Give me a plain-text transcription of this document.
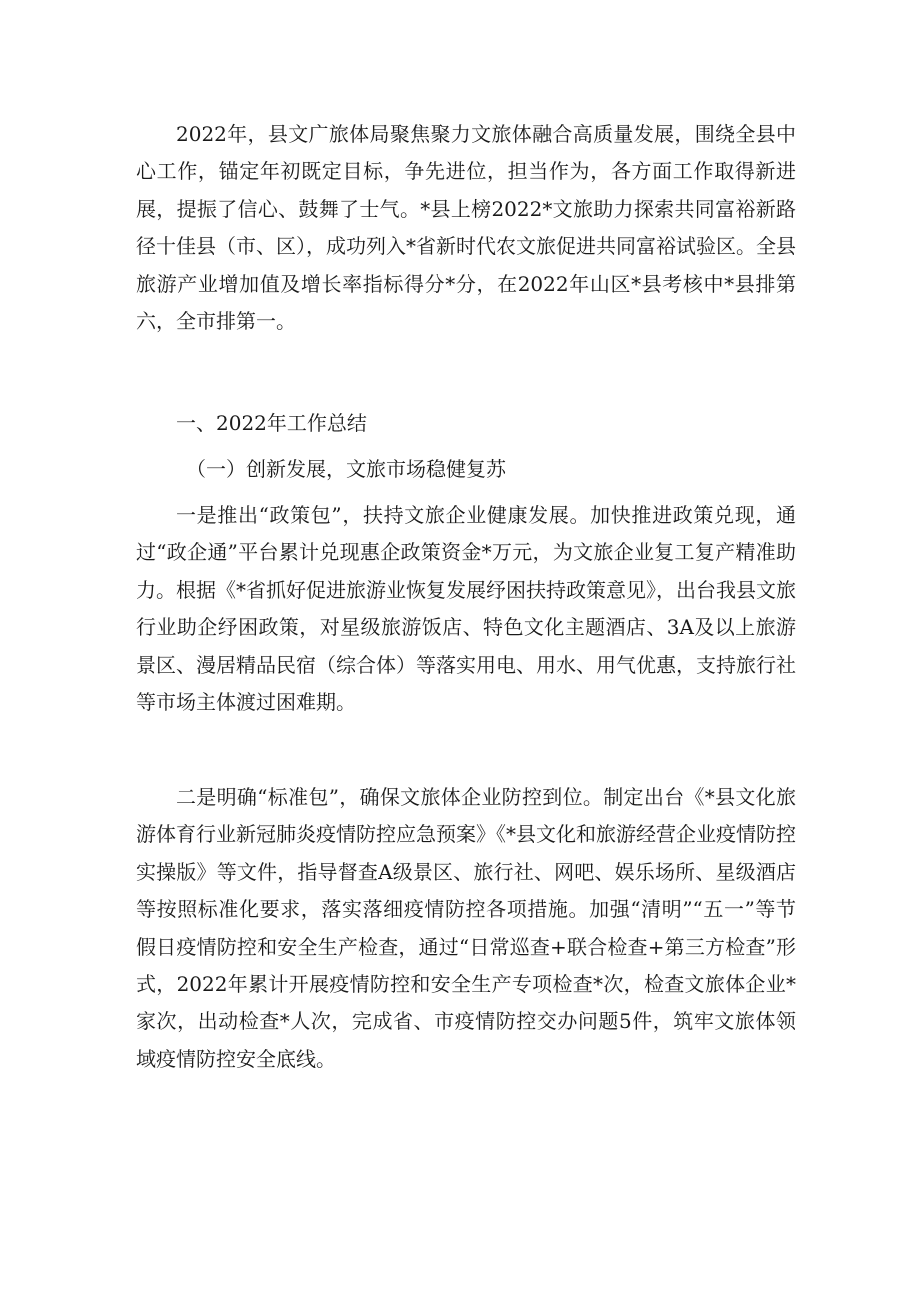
2022年，县文广旅体局聚焦聚力文旅体融合高质量发展，围绕全县中心工作，锚定年初既定目标，争先进位，担当作为，各方面工作取得新进展，提振了信心、鼓舞了士气。*县上榜2022*文旅助力探索共同富裕新路径十佳县（市、区），成功列入*省新时代农文旅促进共同富裕试验区。全县旅游产业增加值及增长率指标得分*分，在2022年山区*县考核中*县排第六，全市排第一。

一、2022年工作总结

（一）创新发展，文旅市场稳健复苏

一是推出“政策包”，扶持文旅企业健康发展。加快推进政策兑现，通过“政企通”平台累计兑现惠企政策资金*万元，为文旅企业复工复产精准助力。根据《*省抓好促进旅游业恢复发展纾困扶持政策意见》，出台我县文旅行业助企纾困政策，对星级旅游饭店、特色文化主题酒店、3A及以上旅游景区、漫居精品民宿（综合体）等落实用电、用水、用气优惠，支持旅行社等市场主体渡过困难期。

二是明确“标准包”，确保文旅体企业防控到位。制定出台《*县文化旅游体育行业新冠肺炎疫情防控应急预案》《*县文化和旅游经营企业疫情防控实操版》等文件，指导督查A级景区、旅行社、网吧、娱乐场所、星级酒店等按照标准化要求，落实落细疫情防控各项措施。加强“清明”“五一”等节假日疫情防控和安全生产检查，通过“日常巡查+联合检查+第三方检查”形式，2022年累计开展疫情防控和安全生产专项检查*次，检查文旅体企业*家次，出动检查*人次，完成省、市疫情防控交办问题5件，筑牢文旅体领域疫情防控安全底线。
